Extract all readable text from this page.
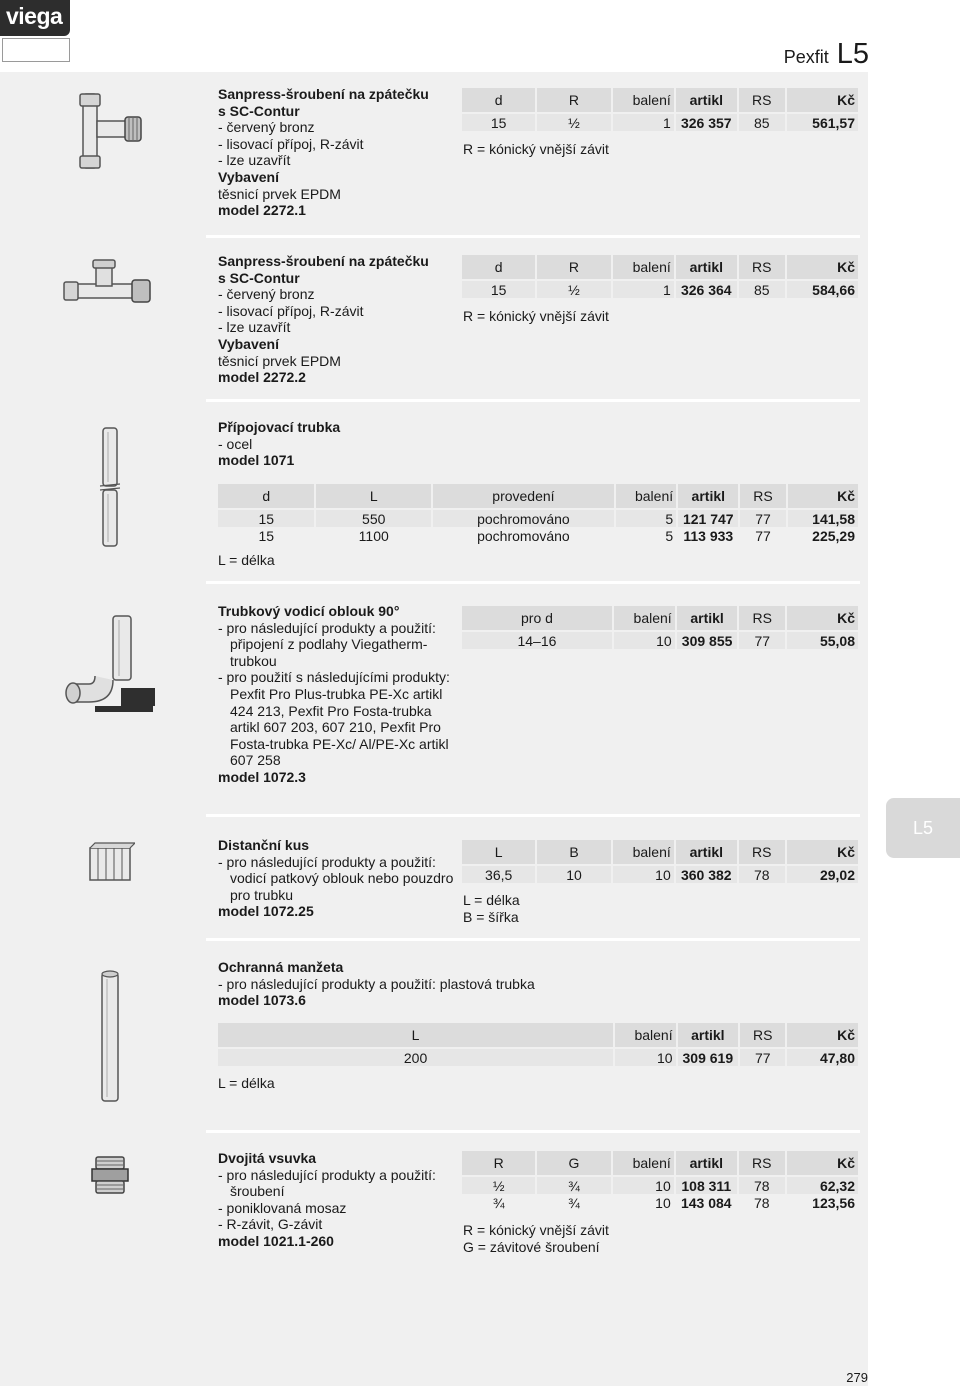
viega
Pexfit L5
Sanpress-šroubení na zpátečku
s SC-Contur
- červený bronz
- lisovací přípoj, R-závit
- lze uzavřít
Vybavení
těsnicí prvek EPDM
model 2272.1
d	R	balení	artikl	RS	Kč

15	½	1	326 357	85	561,57
R = kónický vnější závit
Sanpress-šroubení na zpátečku
s SC-Contur
- červený bronz
- lisovací přípoj, R-závit
- lze uzavřít
Vybavení
těsnicí prvek EPDM
model 2272.2
d	R	balení	artikl	RS	Kč

15	½	1	326 364	85	584,66
R = kónický vnější závit
Přípojovací trubka
- ocel
model 1071
d	L	provedení	balení	artikl	RS	Kč

15	550	pochromováno	5	121 747	77	141,58
15	1100	pochromováno	5	113 933	77	225,29
L = délka
Trubkový vodicí oblouk 90°
- pro následující produkty a použití: připojení z podlahy Viegatherm-trubkou
- pro použití s následujícími produkty: Pexfit Pro Plus-trubka PE-Xc artikl 424 213, Pexfit Pro Fosta-trubka artikl 607 203, 607 210, Pexfit Pro Fosta-trubka PE-Xc/ Al/PE-Xc artikl 607 258
model 1072.3
pro d	balení	artikl	RS	Kč

14–16	10	309 855	77	55,08
Distanční kus
- pro následující produkty a použití: vodicí patkový oblouk nebo pouzdro pro trubku
model 1072.25
L	B	balení	artikl	RS	Kč

36,5	10	10	360 382	78	29,02
L = délka
B = šířka
Ochranná manžeta
- pro následující produkty a použití: plastová trubka
model 1073.6
L	balení	artikl	RS	Kč

200	10	309 619	77	47,80
L = délka
Dvojitá vsuvka
- pro následující produkty a použití: šroubení
- poniklovaná mosaz
- R-závit, G-závit
model 1021.1-260
R	G	balení	artikl	RS	Kč

½	¾	10	108 311	78	62,32
¾	¾	10	143 084	78	123,56
R = kónický vnější závit
G = závitové šroubení
L5
279
